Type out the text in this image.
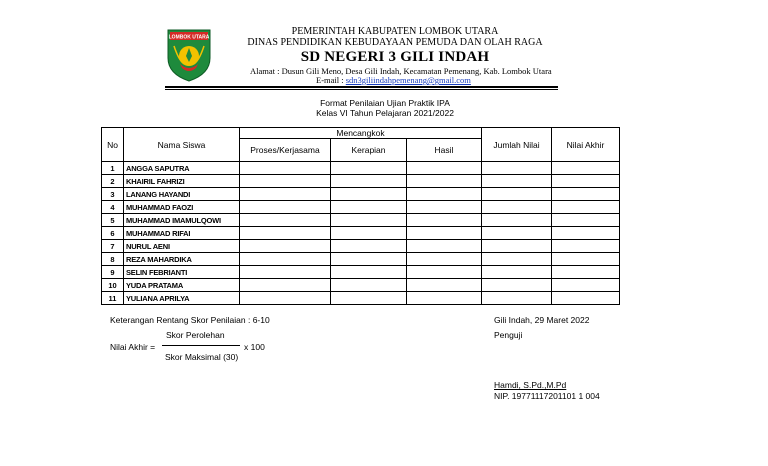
LOMBOK UTARA
PEMERINTAH KABUPATEN LOMBOK UTARA
DINAS PENDIDIKAN KEBUDAYAAN PEMUDA DAN OLAH RAGA
SD NEGERI 3 GILI INDAH
Alamat : Dusun Gili Meno, Desa Gili Indah, Kecamatan Pemenang, Kab. Lombok Utara
E-mail : sdn3giliindahpemenang@gmail.com
Format Penilaian Ujian Praktik IPA
Kelas VI Tahun Pelajaran 2021/2022
No	Nama Siswa	Mencangkok			Jumlah Nilai	Nilai Akhir
		Proses/Kerjasama	Kerapian	Hasil		
1	ANGGA SAPUTRA					
2	KHAIRIL FAHRIZI					
3	LANANG HAYANDI					
4	MUHAMMAD FAOZI					
5	MUHAMMAD IMAMULQOWI					
6	MUHAMMAD RIFAI					
7	NURUL AENI					
8	REZA MAHARDIKA					
9	SELIN FEBRIANTI					
10	YUDA PRATAMA					
11	YULIANA APRILYA					
Keterangan Rentang Skor Penilaian : 6-10
Nilai Akhir =
Skor Perolehan
Skor Maksimal (30)
x 100
Gili Indah, 29 Maret 2022
Penguji
Hamdi, S.Pd.,M.Pd
NIP. 19771117201101 1 004
